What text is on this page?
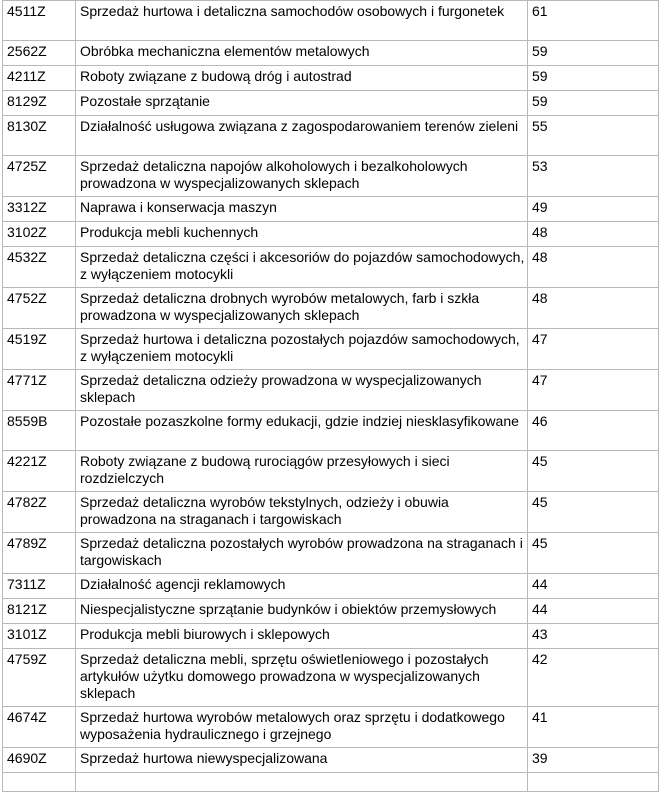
4511Z	Sprzedaż hurtowa i detaliczna samochodów osobowych i furgonetek	61
2562Z	Obróbka mechaniczna elementów metalowych	59
4211Z	Roboty związane z budową dróg i autostrad	59
8129Z	Pozostałe sprzątanie	59
8130Z	Działalność usługowa związana z zagospodarowaniem terenów zieleni	55
4725Z	Sprzedaż detaliczna napojów alkoholowych i bezalkoholowych prowadzona w wyspecjalizowanych sklepach	53
3312Z	Naprawa i konserwacja maszyn	49
3102Z	Produkcja mebli kuchennych	48
4532Z	Sprzedaż detaliczna części i akcesoriów do pojazdów samochodowych, z wyłączeniem motocykli	48
4752Z	Sprzedaż detaliczna drobnych wyrobów metalowych, farb i szkła prowadzona w wyspecjalizowanych sklepach	48
4519Z	Sprzedaż hurtowa i detaliczna pozostałych pojazdów samochodowych, z wyłączeniem motocykli	47
4771Z	Sprzedaż detaliczna odzieży prowadzona w wyspecjalizowanych sklepach	47
8559B	Pozostałe pozaszkolne formy edukacji, gdzie indziej niesklasyfikowane	46
4221Z	Roboty związane z budową rurociągów przesyłowych i sieci rozdzielczych	45
4782Z	Sprzedaż detaliczna wyrobów tekstylnych, odzieży i obuwia prowadzona na straganach i targowiskach	45
4789Z	Sprzedaż detaliczna pozostałych wyrobów prowadzona na straganach i targowiskach	45
7311Z	Działalność agencji reklamowych	44
8121Z	Niespecjalistyczne sprzątanie budynków i obiektów przemysłowych	44
3101Z	Produkcja mebli biurowych i sklepowych	43
4759Z	Sprzedaż detaliczna mebli, sprzętu oświetleniowego i pozostałych artykułów użytku domowego prowadzona w wyspecjalizowanych sklepach	42
4674Z	Sprzedaż hurtowa wyrobów metalowych oraz sprzętu i dodatkowego wyposażenia hydraulicznego i grzejnego	41
4690Z	Sprzedaż hurtowa niewyspecjalizowana	39
